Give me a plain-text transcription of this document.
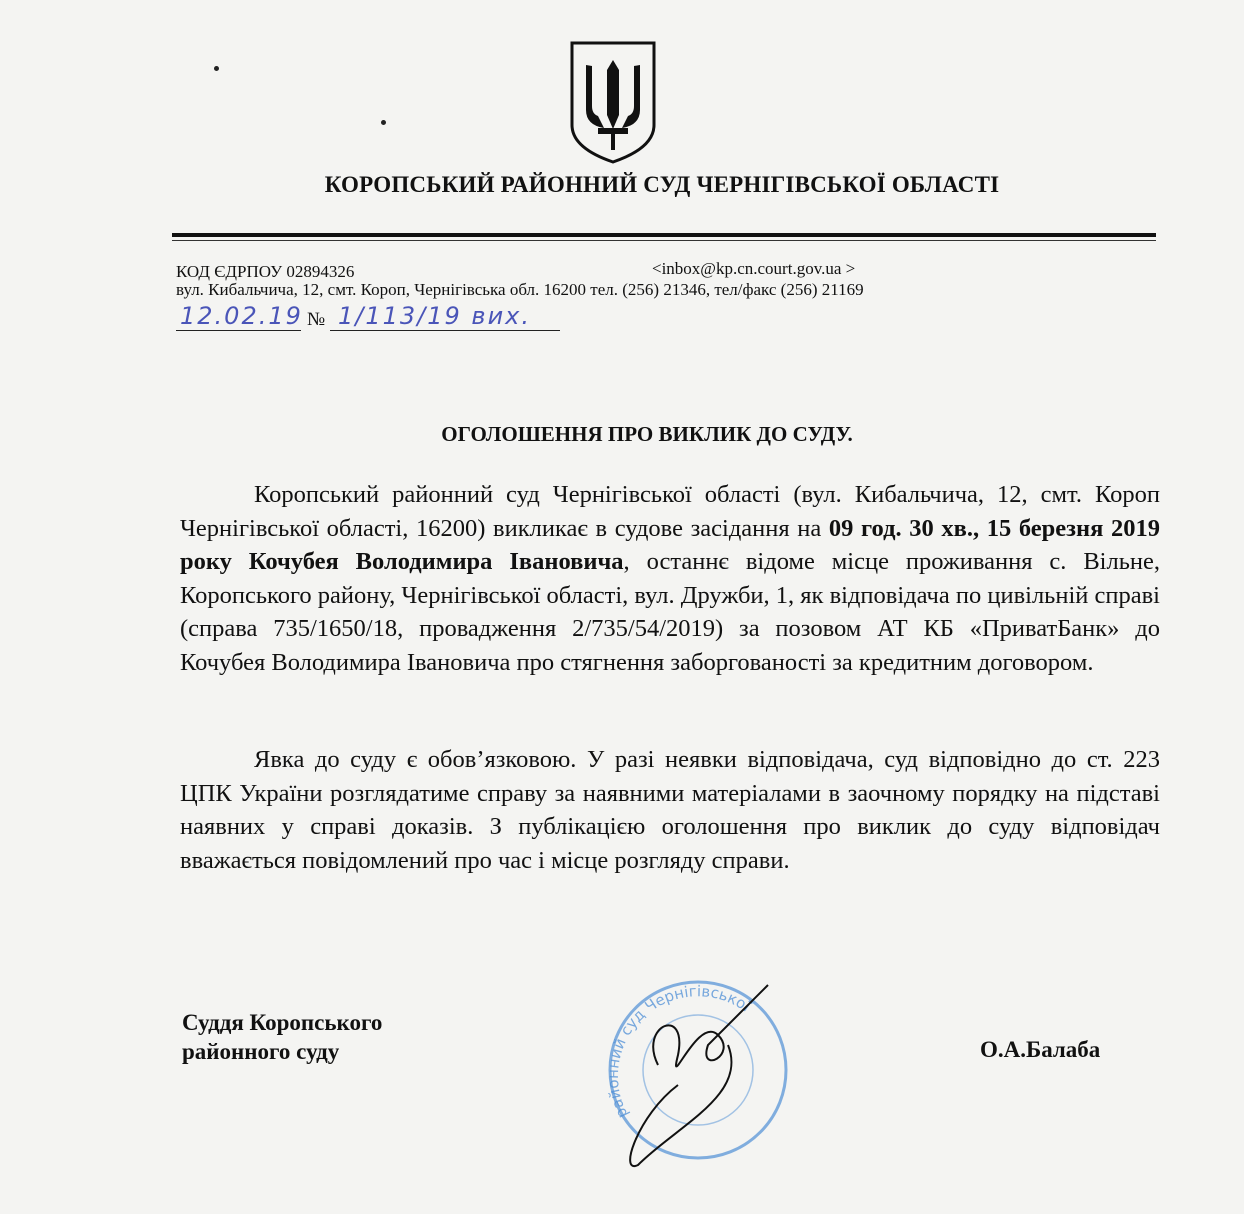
КОРОПСЬКИЙ РАЙОННИЙ СУД ЧЕРНІГІВСЬКОЇ ОБЛАСТІ
КОД ЄДРПОУ 02894326	<inbox@kp.cn.court.gov.ua >
вул. Кибальчича, 12, смт. Короп, Чернігівська обл. 16200 тел. (256) 21346, тел/факс (256) 21169
12.02.19 № 1/113/19 вих.
ОГОЛОШЕННЯ ПРО ВИКЛИК ДО СУДУ.
Коропський районний суд Чернігівської області (вул. Кибальчича, 12, смт. Короп Чернігівської області, 16200) викликає в судове засідання на 09 год. 30 хв., 15 березня 2019 року Кочубея Володимира Івановича, останнє відоме місце проживання с. Вільне, Коропського району, Чернігівської області, вул. Дружби, 1, як відповідача по цивільній справі (справа 735/1650/18, провадження 2/735/54/2019) за позовом АТ КБ «ПриватБанк» до Кочубея Володимира Івановича про стягнення заборгованості за кредитним договором.
Явка до суду є обов’язковою. У разі неявки відповідача, суд відповідно до ст. 223 ЦПК України розглядатиме справу за наявними матеріалами в заочному порядку на підставі наявних у справі доказів. З публікацією оголошення про виклик до суду відповідач вважається повідомлений про час і місце розгляду справи.
Суддя Коропського
районного суду	О.А.Балаба
районний суд Чернігівської
